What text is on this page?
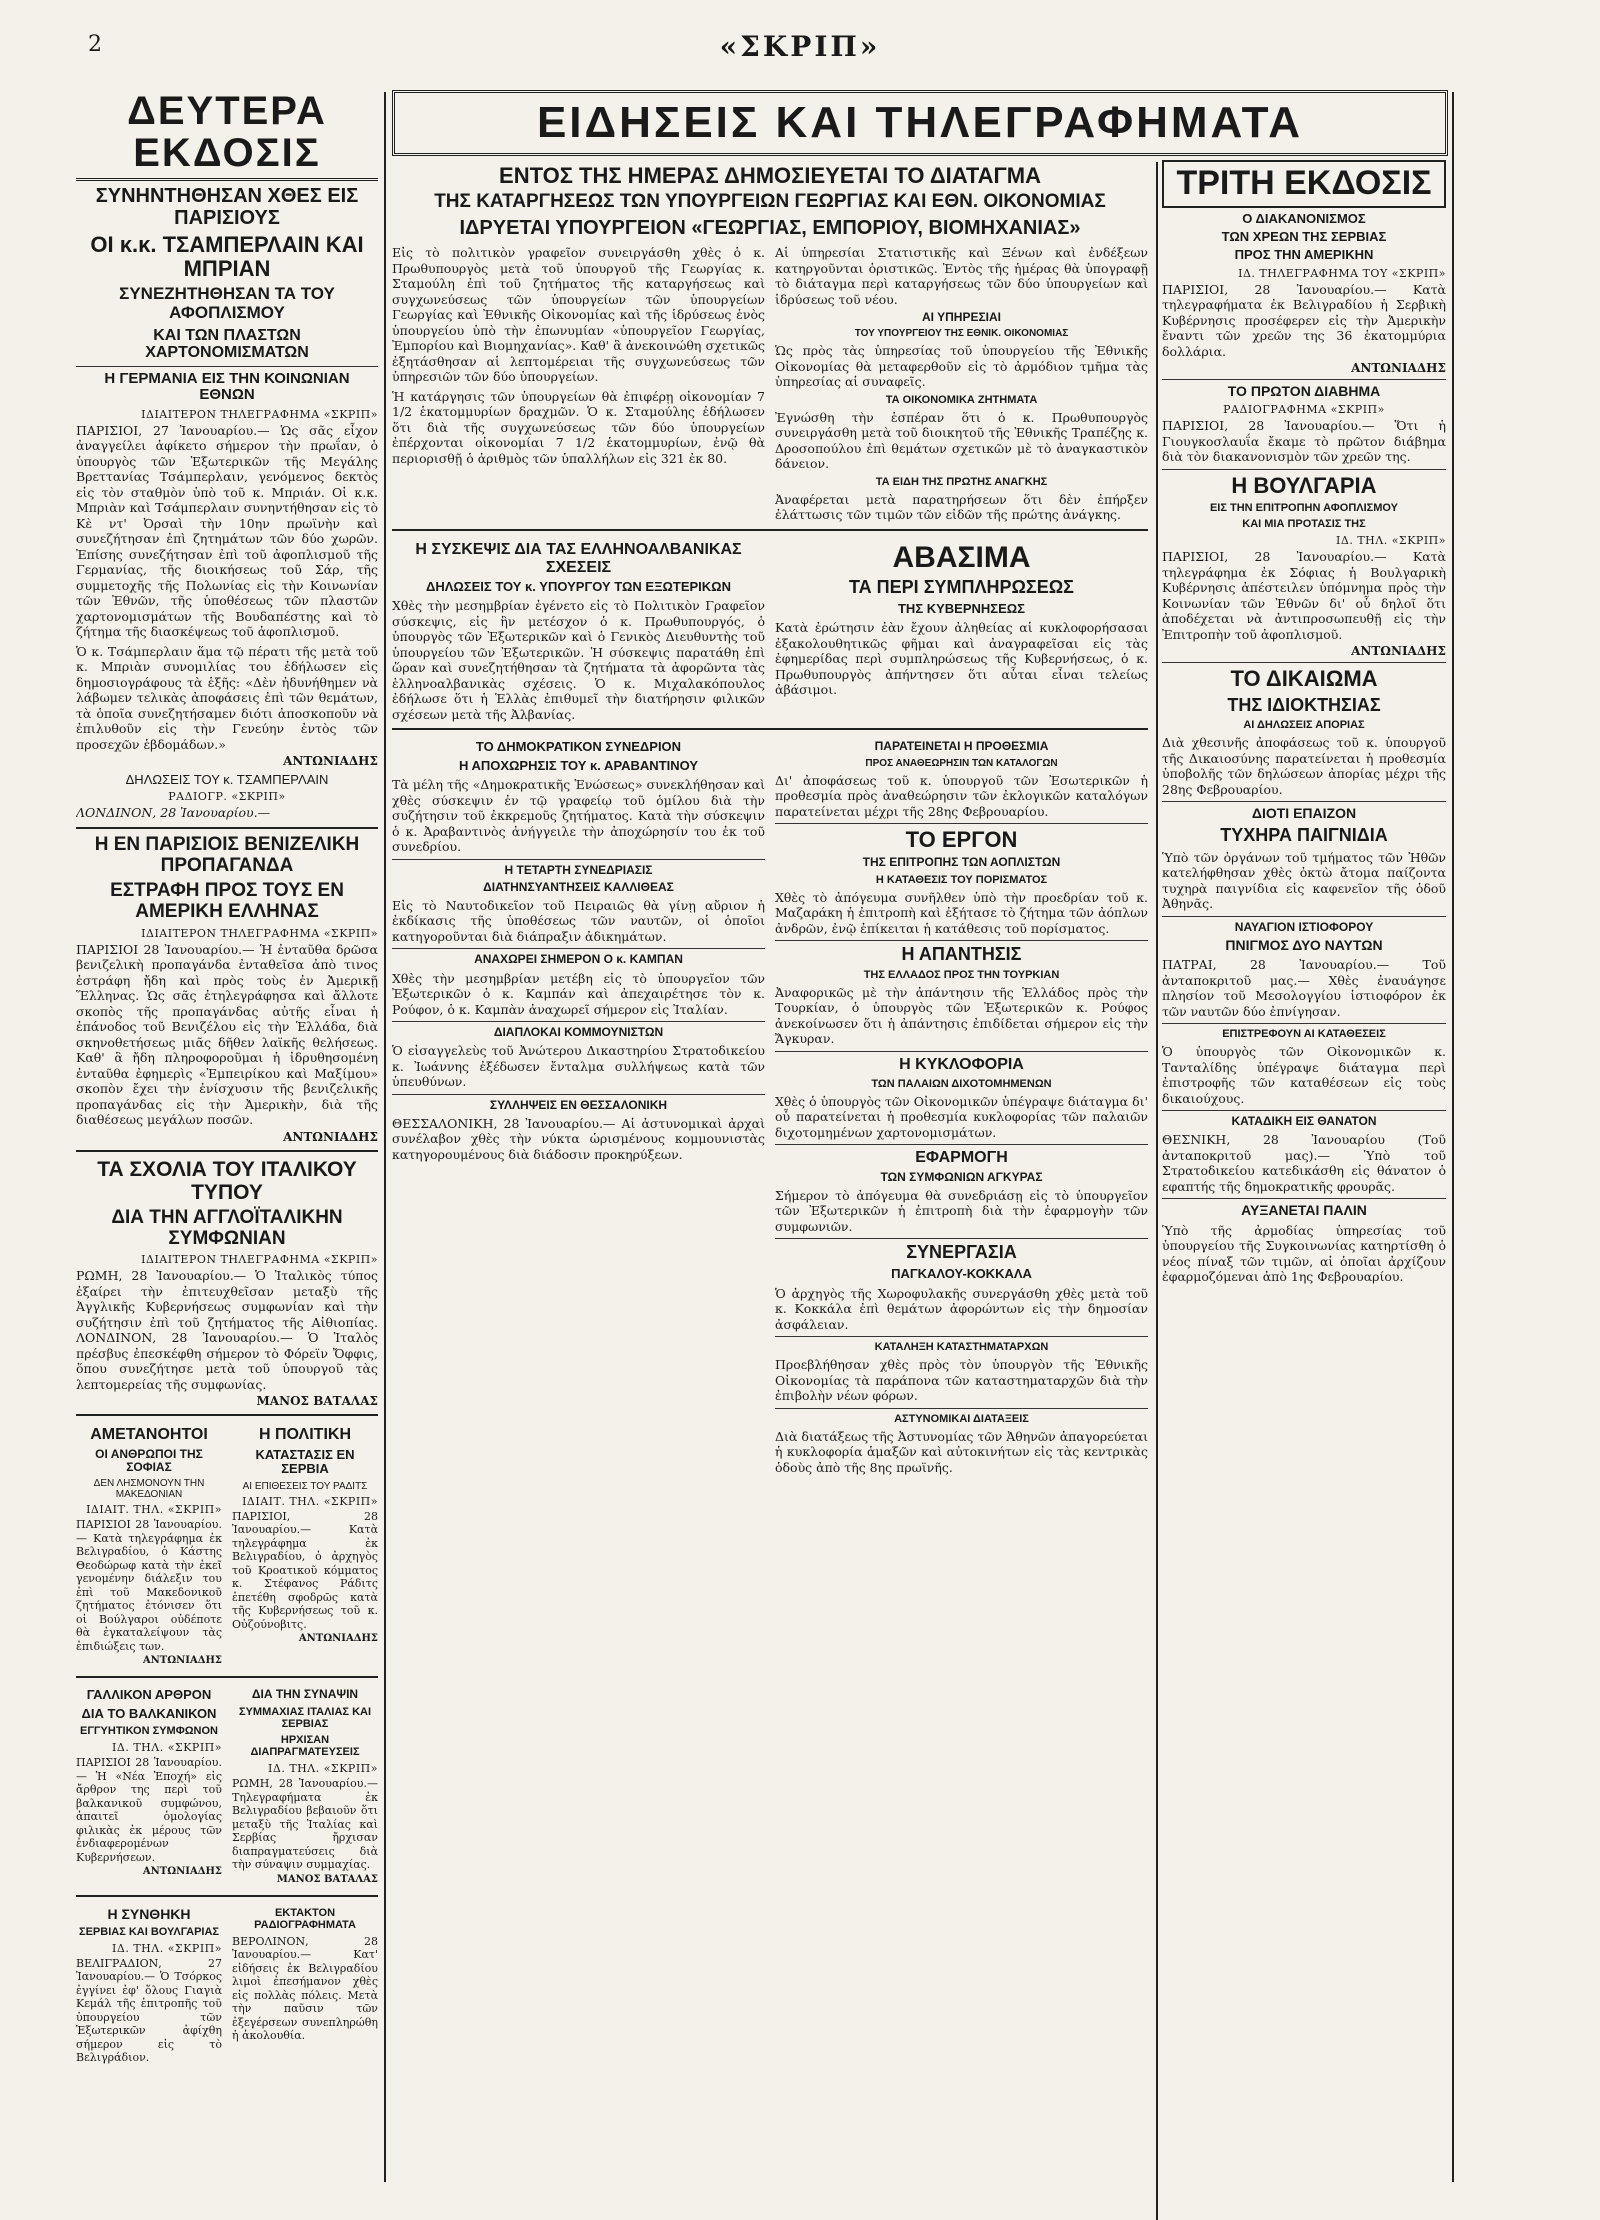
2	«ΣΚΡΙΠ»
ΕΙΔΗΣΕΙΣ ΚΑΙ ΤΗΛΕΓΡΑΦΗΜΑΤΑ
ΔΕΥΤΕΡΑ ΕΚΔΟΣΙΣ
ΣΥΝΗΝΤΗΘΗΣΑΝ ΧΘΕΣ ΕΙΣ ΠΑΡΙΣΙΟΥΣ
ΟΙ κ.κ. ΤΣΑΜΠΕΡΛΑΙΝ ΚΑΙ ΜΠΡΙΑΝ
ΣΥΝΕΖΗΤΗΘΗΣΑΝ ΤΑ ΤΟΥ ΑΦΟΠΛΙΣΜΟΥ
ΚΑΙ ΤΩΝ ΠΛΑΣΤΩΝ ΧΑΡΤΟΝΟΜΙΣΜΑΤΩΝ
Η ΓΕΡΜΑΝΙΑ ΕΙΣ ΤΗΝ ΚΟΙΝΩΝΙΑΝ ΕΘΝΩΝ
ΙΔΙΑΙΤΕΡΟΝ ΤΗΛΕΓΡΑΦΗΜΑ «ΣΚΡΙΠ»

ΠΑΡΙΣΙΟΙ, 27 Ἰανουαρίου.— Ὡς σᾶς εἶχον ἀναγγείλει ἀφίκετο σήμερον τὴν πρωΐαν, ὁ ὑπουργὸς τῶν Ἐξωτερικῶν τῆς Μεγάλης Βρεττανίας Τσάμπερλαιν, γενόμενος δεκτὸς εἰς τὸν σταθμὸν ὑπὸ τοῦ κ. Μπριάν. Οἱ κ.κ. Μπριὰν καὶ Τσάμπερλαιν συνηντήθησαν εἰς τὸ Κὲ ντ' Ὀρσαὶ τὴν 10ην πρωϊνὴν καὶ συνεζήτησαν ἐπὶ ζητημάτων τῶν δύο χωρῶν. Ἐπίσης συνεζήτησαν ἐπὶ τοῦ ἀφοπλισμοῦ τῆς Γερμανίας, τῆς διοικήσεως τοῦ Σάρ, τῆς συμμετοχῆς τῆς Πολωνίας εἰς τὴν Κοινωνίαν τῶν Ἐθνῶν, τῆς ὑποθέσεως τῶν πλαστῶν χαρτονομισμάτων τῆς Βουδαπέστης καὶ τὸ ζήτημα τῆς διασκέψεως τοῦ ἀφοπλισμοῦ.

Ὁ κ. Τσάμπερλαιν ἅμα τῷ πέρατι τῆς μετὰ τοῦ κ. Μπριὰν συνομιλίας του ἐδήλωσεν εἰς δημοσιογράφους τὰ ἑξῆς: «Δὲν ἠδυνήθημεν νὰ λάβωμεν τελικὰς ἀποφάσεις ἐπὶ τῶν θεμάτων, τὰ ὁποῖα συνεζητήσαμεν διότι ἀποσκοποῦν νὰ ἐπιλυθοῦν εἰς τὴν Γενεύην ἐντὸς τῶν προσεχῶν ἑβδομάδων.»

ΑΝΤΩΝΙΑΔΗΣ
ΔΗΛΩΣΕΙΣ ΤΟΥ κ. ΤΣΑΜΠΕΡΛΑΙΝ
ΡΑΔΙΟΓΡ. «ΣΚΡΙΠ»

ΛΟΝΔΙΝΟΝ, 28 Ἰανουαρίου.—

Η ΕΝ ΠΑΡΙΣΙΟΙΣ ΒΕΝΙΖΕΛΙΚΗ ΠΡΟΠΑΓΑΝΔΑ
ΕΣΤΡΑΦΗ ΠΡΟΣ ΤΟΥΣ ΕΝ ΑΜΕΡΙΚΗ ΕΛΛΗΝΑΣ
ΙΔΙΑΙΤΕΡΟΝ ΤΗΛΕΓΡΑΦΗΜΑ «ΣΚΡΙΠ»

ΠΑΡΙΣΙΟΙ 28 Ἰανουαρίου.— Ἡ ἐνταῦθα δρῶσα βενιζελικὴ προπαγάνδα ἐνταθεῖσα ἀπὸ τινος ἐστράφη ἤδη καὶ πρὸς τοὺς ἐν Ἀμερικῇ Ἕλληνας. Ὡς σᾶς ἐτηλεγράφησα καὶ ἄλλοτε σκοπὸς τῆς προπαγάνδας αὐτῆς εἶναι ἡ ἐπάνοδος τοῦ Βενιζέλου εἰς τὴν Ἑλλάδα, διὰ σκηνοθετήσεως μιᾶς δῆθεν λαϊκῆς θελήσεως. Καθ' ἃ ἤδη πληροφοροῦμαι ἡ ἰδρυθησομένη ἐνταῦθα ἐφημερὶς «Ἐμπειρίκου καὶ Μαξίμου» σκοπὸν ἔχει τὴν ἐνίσχυσιν τῆς βενιζελικῆς προπαγάνδας εἰς τὴν Ἀμερικὴν, διὰ τῆς διαθέσεως μεγάλων ποσῶν.

ΑΝΤΩΝΙΑΔΗΣ
ΤΑ ΣΧΟΛΙΑ ΤΟΥ ΙΤΑΛΙΚΟΥ ΤΥΠΟΥ
ΔΙΑ ΤΗΝ ΑΓΓΛΟΪΤΑΛΙΚΗΝ ΣΥΜΦΩΝΙΑΝ
ΙΔΙΑΙΤΕΡΟΝ ΤΗΛΕΓΡΑΦΗΜΑ «ΣΚΡΙΠ»

ΡΩΜΗ, 28 Ἰανουαρίου.— Ὁ Ἰταλικὸς τύπος ἐξαίρει τὴν ἐπιτευχθεῖσαν μεταξὺ τῆς Ἀγγλικῆς Κυβερνήσεως συμφωνίαν καὶ τὴν συζήτησιν ἐπὶ τοῦ ζητήματος τῆς Αἰθιοπίας. ΛΟΝΔΙΝΟΝ, 28 Ἰανουαρίου.— Ὁ Ἰταλὸς πρέσβυς ἐπεσκέφθη σήμερον τὸ Φόρεϊν Ὄφφις, ὅπου συνεζήτησε μετὰ τοῦ ὑπουργοῦ τὰς λεπτομερείας τῆς συμφωνίας.

ΜΑΝΟΣ ΒΑΤΑΛΑΣ
ΑΜΕΤΑΝΟΗΤΟΙ
ΟΙ ΑΝΘΡΩΠΟΙ ΤΗΣ ΣΟΦΙΑΣ
ΔΕΝ ΛΗΣΜΟΝΟΥΝ ΤΗΝ ΜΑΚΕΔΟΝΙΑΝ
ΙΔΙΑΙΤ. ΤΗΛ. «ΣΚΡΙΠ»

ΠΑΡΙΣΙΟΙ 28 Ἰανουαρίου.— Κατὰ τηλεγράφημα ἐκ Βελιγραδίου, ὁ Κάστης Θεοδώρωφ κατὰ τὴν ἐκεῖ γενομένην διάλεξιν του ἐπὶ τοῦ Μακεδονικοῦ ζητήματος ἐτόνισεν ὅτι οἱ Βούλγαροι οὐδέποτε θὰ ἐγκαταλείψουν τὰς ἐπιδιώξεις των.

ΑΝΤΩΝΙΑΔΗΣ
Η ΠΟΛΙΤΙΚΗ
ΚΑΤΑΣΤΑΣΙΣ ΕΝ ΣΕΡΒΙΑ
ΑΙ ΕΠΙΘΕΣΕΙΣ ΤΟΥ ΡΑΔΙΤΣ
ΙΔΙΑΙΤ. ΤΗΛ. «ΣΚΡΙΠ»

ΠΑΡΙΣΙΟΙ, 28 Ἰανουαρίου.— Κατὰ τηλεγράφημα ἐκ Βελιγραδίου, ὁ ἀρχηγὸς τοῦ Κροατικοῦ κόμματος κ. Στέφανος Ράδιτς ἐπετέθη σφοδρῶς κατὰ τῆς Κυβερνήσεως τοῦ κ. Οὐζούνοβιτς.

ΑΝΤΩΝΙΑΔΗΣ
ΓΑΛΛΙΚΟΝ ΑΡΘΡΟΝ
ΔΙΑ ΤΟ ΒΑΛΚΑΝΙΚΟΝ
ΕΓΓΥΗΤΙΚΟΝ ΣΥΜΦΩΝΟΝ
ΙΔ. ΤΗΛ. «ΣΚΡΙΠ»

ΠΑΡΙΣΙΟΙ 28 Ἰανουαρίου.— Ἡ «Νέα Ἐποχή» εἰς ἄρθρον της περὶ τοῦ βαλκανικοῦ συμφώνου, ἀπαιτεῖ ὁμολογίας φιλικὰς ἐκ μέρους τῶν ἐνδιαφερομένων Κυβερνήσεων.

ΑΝΤΩΝΙΑΔΗΣ
ΔΙΑ ΤΗΝ ΣΥΝΑΨΙΝ
ΣΥΜΜΑΧΙΑΣ ΙΤΑΛΙΑΣ ΚΑΙ ΣΕΡΒΙΑΣ
ΗΡΧΙΣΑΝ ΔΙΑΠΡΑΓΜΑΤΕΥΣΕΙΣ
ΙΔ. ΤΗΛ. «ΣΚΡΙΠ»

ΡΩΜΗ, 28 Ἰανουαρίου.— Τηλεγραφήματα ἐκ Βελιγραδίου βεβαιοῦν ὅτι μεταξὺ τῆς Ἰταλίας καὶ Σερβίας ἤρχισαν διαπραγματεύσεις διὰ τὴν σύναψιν συμμαχίας.

ΜΑΝΟΣ ΒΑΤΑΛΑΣ
Η ΣΥΝΘΗΚΗ
ΣΕΡΒΙΑΣ ΚΑΙ ΒΟΥΛΓΑΡΙΑΣ
ΙΔ. ΤΗΛ. «ΣΚΡΙΠ»

ΒΕΛΙΓΡΑΔΙΟΝ, 27 Ἰανουαρίου.— Ὁ Τσόρκος ἐγγίνει ἐφ' ὅλους Γιαγιὰ Κεμάλ τῆς ἐπιτροπῆς τοῦ ὑπουργείου τῶν Ἐξωτερικῶν ἀφίχθη σήμερον εἰς τὸ Βελιγράδιον.

ΕΚΤΑΚΤΟΝ ΡΑΔΙΟΓΡΑΦΗΜΑΤΑ

ΒΕΡΟΛΙΝΟΝ, 28 Ἰανουαρίου.— Κατ' εἰδήσεις ἐκ Βελιγραδίου λιμοὶ ἐπεσήμανον χθὲς εἰς πολλὰς πόλεις. Μετὰ τὴν παῦσιν τῶν ἐξεγέρσεων συνεπληρώθη ἡ ἀκολουθία.

ΕΝΤΟΣ ΤΗΣ ΗΜΕΡΑΣ ΔΗΜΟΣΙΕΥΕΤΑΙ ΤΟ ΔΙΑΤΑΓΜΑ
ΤΗΣ ΚΑΤΑΡΓΗΣΕΩΣ ΤΩΝ ΥΠΟΥΡΓΕΙΩΝ ΓΕΩΡΓΙΑΣ ΚΑΙ ΕΘΝ. ΟΙΚΟΝΟΜΙΑΣ
ΙΔΡΥΕΤΑΙ ΥΠΟΥΡΓΕΙΟΝ «ΓΕΩΡΓΙΑΣ, ΕΜΠΟΡΙΟΥ, ΒΙΟΜΗΧΑΝΙΑΣ»

Εἰς τὸ πολιτικὸν γραφεῖον συνειργάσθη χθὲς ὁ κ. Πρωθυπουργὸς μετὰ τοῦ ὑπουργοῦ τῆς Γεωργίας κ. Σταμούλη ἐπὶ τοῦ ζητήματος τῆς καταργήσεως καὶ συγχωνεύσεως τῶν ὑπουργείων τῶν ὑπουργείων Γεωργίας καὶ Ἐθνικῆς Οἰκονομίας καὶ τῆς ἱδρύσεως ἑνὸς ὑπουργείου ὑπὸ τὴν ἐπωνυμίαν «ὑπουργεῖον Γεωργίας, Ἐμπορίου καὶ Βιομηχανίας». Καθ' ἃ ἀνεκοινώθη σχετικῶς ἐξητάσθησαν αἱ λεπτομέρειαι τῆς συγχωνεύσεως τῶν ὑπηρεσιῶν τῶν δύο ὑπουργείων.

Ἡ κατάργησις τῶν ὑπουργείων θὰ ἐπιφέρῃ οἰκονομίαν 7 1/2 ἑκατομμυρίων δραχμῶν. Ὁ κ. Σταμούλης ἐδήλωσεν ὅτι διὰ τῆς συγχωνεύσεως τῶν δύο ὑπουργείων ἐπέρχονται οἰκονομίαι 7 1/2 ἑκατομμυρίων, ἐνῷ θὰ περιορισθῇ ὁ ἀριθμὸς τῶν ὑπαλλήλων εἰς 321 ἐκ 80.

Αἱ ὑπηρεσίαι Στατιστικῆς καὶ Ξένων καὶ ἐνδέξεων κατηργοῦνται ὁριστικῶς. Ἐντὸς τῆς ἡμέρας θὰ ὑπογραφῇ τὸ διάταγμα περὶ καταργήσεως τῶν δύο ὑπουργείων καὶ ἱδρύσεως τοῦ νέου.

ΑΙ ΥΠΗΡΕΣΙΑΙ
ΤΟΥ ΥΠΟΥΡΓΕΙΟΥ ΤΗΣ ΕΘΝΙΚ. ΟΙΚΟΝΟΜΙΑΣ

Ὡς πρὸς τὰς ὑπηρεσίας τοῦ ὑπουργείου τῆς Ἐθνικῆς Οἰκονομίας θὰ μεταφερθοῦν εἰς τὸ ἀρμόδιον τμῆμα τὰς ὑπηρεσίας αἱ συναφεῖς.

ΤΑ ΟΙΚΟΝΟΜΙΚΑ ΖΗΤΗΜΑΤΑ

Ἐγνώσθη τὴν ἑσπέραν ὅτι ὁ κ. Πρωθυπουργὸς συνειργάσθη μετὰ τοῦ διοικητοῦ τῆς Ἐθνικῆς Τραπέζης κ. Δροσοπούλου ἐπὶ θεμάτων σχετικῶν μὲ τὸ ἀναγκαστικὸν δάνειον.

ΤΑ ΕΙΔΗ ΤΗΣ ΠΡΩΤΗΣ ΑΝΑΓΚΗΣ

Ἀναφέρεται μετὰ παρατηρήσεων ὅτι δὲν ἐπήρξεν ἐλάττωσις τῶν τιμῶν τῶν εἰδῶν τῆς πρώτης ἀνάγκης.

Η ΣΥΣΚΕΨΙΣ ΔΙΑ ΤΑΣ ΕΛΛΗΝΟΑΛΒΑΝΙΚΑΣ ΣΧΕΣΕΙΣ
ΔΗΛΩΣΕΙΣ ΤΟΥ κ. ΥΠΟΥΡΓΟΥ ΤΩΝ ΕΞΩΤΕΡΙΚΩΝ

Χθὲς τὴν μεσημβρίαν ἐγένετο εἰς τὸ Πολιτικὸν Γραφεῖον σύσκεψις, εἰς ἣν μετέσχον ὁ κ. Πρωθυπουργός, ὁ ὑπουργὸς τῶν Ἐξωτερικῶν καὶ ὁ Γενικὸς Διευθυντὴς τοῦ ὑπουργείου τῶν Ἐξωτερικῶν. Ἡ σύσκεψις παρατάθη ἐπὶ ὥραν καὶ συνεζητήθησαν τὰ ζητήματα τὰ ἀφορῶντα τὰς ἑλληνοαλβανικὰς σχέσεις. Ὁ κ. Μιχαλακόπουλος ἐδήλωσε ὅτι ἡ Ἑλλὰς ἐπιθυμεῖ τὴν διατήρησιν φιλικῶν σχέσεων μετὰ τῆς Ἀλβανίας.

ΑΒΑΣΙΜΑ
ΤΑ ΠΕΡΙ ΣΥΜΠΛΗΡΩΣΕΩΣ
ΤΗΣ ΚΥΒΕΡΝΗΣΕΩΣ

Κατὰ ἐρώτησιν ἐὰν ἔχουν ἀληθείας αἱ κυκλοφορήσασαι ἐξακολουθητικῶς φῆμαι καὶ ἀναγραφεῖσαι εἰς τὰς ἐφημερίδας περὶ συμπληρώσεως τῆς Κυβερνήσεως, ὁ κ. Πρωθυπουργὸς ἀπήντησεν ὅτι αὗται εἶναι τελείως ἀβάσιμοι.

ΤΟ ΔΗΜΟΚΡΑΤΙΚΟΝ ΣΥΝΕΔΡΙΟΝ
Η ΑΠΟΧΩΡΗΣΙΣ ΤΟΥ κ. ΑΡΑΒΑΝΤΙΝΟΥ

Τὰ μέλη τῆς «Δημοκρατικῆς Ἑνώσεως» συνεκλήθησαν καὶ χθὲς σύσκεψιν ἐν τῷ γραφείῳ τοῦ ὁμίλου διὰ τὴν συζήτησιν τοῦ ἐκκρεμοῦς ζητήματος. Κατὰ τὴν σύσκεψιν ὁ κ. Ἀραβαντινὸς ἀνήγγειλε τὴν ἀποχώρησίν του ἐκ τοῦ συνεδρίου.

Η ΤΕΤΑΡΤΗ ΣΥΝΕΔΡΙΑΣΙΣ
ΔΙΑΤΗΝΣΥΑΝΤΗΣΕΙΣ ΚΑΛΛΙΘΕΑΣ

Εἰς τὸ Ναυτοδικεῖον τοῦ Πειραιῶς θὰ γίνῃ αὔριον ἡ ἐκδίκασις τῆς ὑποθέσεως τῶν ναυτῶν, οἱ ὁποῖοι κατηγοροῦνται διὰ διάπραξιν ἀδικημάτων.

ΑΝΑΧΩΡΕΙ ΣΗΜΕΡΟΝ Ο κ. ΚΑΜΠΑΝ

Χθὲς τὴν μεσημβρίαν μετέβη εἰς τὸ ὑπουργεῖον τῶν Ἐξωτερικῶν ὁ κ. Καμπάν καὶ ἀπεχαιρέτησε τὸν κ. Ρούφον, ὁ κ. Καμπὰν ἀναχωρεῖ σήμερον εἰς Ἰταλίαν.

ΔΙΑΠΛΟΚΑΙ ΚΟΜΜΟΥΝΙΣΤΩΝ

Ὁ εἰσαγγελεὺς τοῦ Ἀνώτερου Δικαστηρίου Στρατοδικείου κ. Ἰωάννης ἐξέδωσεν ἔνταλμα συλλήψεως κατὰ τῶν ὑπευθύνων.

ΣΥΛΛΗΨΕΙΣ ΕΝ ΘΕΣΣΑΛΟΝΙΚΗ

ΘΕΣΣΑΛΟΝΙΚΗ, 28 Ἰανουαρίου.— Αἱ ἀστυνομικαὶ ἀρχαὶ συνέλαβον χθὲς τὴν νύκτα ὡρισμένους κομμουνιστὰς κατηγορουμένους διὰ διάδοσιν προκηρύξεων.

ΠΑΡΑΤΕΙΝΕΤΑΙ Η ΠΡΟΘΕΣΜΙΑ
ΠΡΟΣ ΑΝΑΘΕΩΡΗΣΙΝ ΤΩΝ ΚΑΤΑΛΟΓΩΝ

Δι' ἀποφάσεως τοῦ κ. ὑπουργοῦ τῶν Ἐσωτερικῶν ἡ προθεσμία πρὸς ἀναθεώρησιν τῶν ἐκλογικῶν καταλόγων παρατείνεται μέχρι τῆς 28ης Φεβρουαρίου.

ΤΟ ΕΡΓΟΝ
ΤΗΣ ΕΠΙΤΡΟΠΗΣ ΤΩΝ ΑΟΠΛΙΣΤΩΝ
Η ΚΑΤΑΘΕΣΙΣ ΤΟΥ ΠΟΡΙΣΜΑΤΟΣ

Χθὲς τὸ ἀπόγευμα συνῆλθεν ὑπὸ τὴν προεδρίαν τοῦ κ. Μαζαράκη ἡ ἐπιτροπὴ καὶ ἐξήτασε τὸ ζήτημα τῶν ἀόπλων ἀνδρῶν, ἐνῷ ἐπίκειται ἡ κατάθεσις τοῦ πορίσματος.

Η ΑΠΑΝΤΗΣΙΣ
ΤΗΣ ΕΛΛΑΔΟΣ ΠΡΟΣ ΤΗΝ ΤΟΥΡΚΙΑΝ

Ἀναφορικῶς μὲ τὴν ἀπάντησιν τῆς Ἑλλάδος πρὸς τὴν Τουρκίαν, ὁ ὑπουργὸς τῶν Ἐξωτερικῶν κ. Ρούφος ἀνεκοίνωσεν ὅτι ἡ ἀπάντησις ἐπιδίδεται σήμερον εἰς τὴν Ἄγκυραν.

Η ΚΥΚΛΟΦΟΡΙΑ
ΤΩΝ ΠΑΛΑΙΩΝ ΔΙΧΟΤΟΜΗΜΕΝΩΝ

Χθὲς ὁ ὑπουργὸς τῶν Οἰκονομικῶν ὑπέγραψε διάταγμα δι' οὗ παρατείνεται ἡ προθεσμία κυκλοφορίας τῶν παλαιῶν διχοτομημένων χαρτονομισμάτων.

ΕΦΑΡΜΟΓΗ
ΤΩΝ ΣΥΜΦΩΝΙΩΝ ΑΓΚΥΡΑΣ

Σήμερον τὸ ἀπόγευμα θὰ συνεδριάσῃ εἰς τὸ ὑπουργεῖον τῶν Ἐξωτερικῶν ἡ ἐπιτροπὴ διὰ τὴν ἐφαρμογὴν τῶν συμφωνιῶν.

ΣΥΝΕΡΓΑΣΙΑ
ΠΑΓΚΑΛΟΥ-ΚΟΚΚΑΛΑ

Ὁ ἀρχηγὸς τῆς Χωροφυλακῆς συνεργάσθη χθὲς μετὰ τοῦ κ. Κοκκάλα ἐπὶ θεμάτων ἀφορώντων εἰς τὴν δημοσίαν ἀσφάλειαν.

ΚΑΤΑΛΗΞΗ ΚΑΤΑΣΤΗΜΑΤΑΡΧΩΝ

Προεβλήθησαν χθὲς πρὸς τὸν ὑπουργὸν τῆς Ἐθνικῆς Οἰκονομίας τὰ παράπονα τῶν καταστηματαρχῶν διὰ τὴν ἐπιβολὴν νέων φόρων.

ΑΣΤΥΝΟΜΙΚΑΙ ΔΙΑΤΑΞΕΙΣ

Διὰ διατάξεως τῆς Ἀστυνομίας τῶν Ἀθηνῶν ἀπαγορεύεται ἡ κυκλοφορία ἁμαξῶν καὶ αὐτοκινήτων εἰς τὰς κεντρικὰς ὁδοὺς ἀπὸ τῆς 8ης πρωϊνῆς.

ΤΡΙΤΗ ΕΚΔΟΣΙΣ
Ο ΔΙΑΚΑΝΟΝΙΣΜΟΣ
ΤΩΝ ΧΡΕΩΝ ΤΗΣ ΣΕΡΒΙΑΣ
ΠΡΟΣ ΤΗΝ ΑΜΕΡΙΚΗΝ
ΙΔ. ΤΗΛΕΓΡΑΦΗΜΑ ΤΟΥ «ΣΚΡΙΠ»

ΠΑΡΙΣΙΟΙ, 28 Ἰανουαρίου.— Κατὰ τηλεγραφήματα ἐκ Βελιγραδίου ἡ Σερβικὴ Κυβέρνησις προσέφερεν εἰς τὴν Ἀμερικὴν ἔναντι τῶν χρεῶν της 36 ἑκατομμύρια δολλάρια.

ΑΝΤΩΝΙΑΔΗΣ
ΤΟ ΠΡΩΤΟΝ ΔΙΑΒΗΜΑ
ΡΑΔΙΟΓΡΑΦΗΜΑ «ΣΚΡΙΠ»

ΠΑΡΙΣΙΟΙ, 28 Ἰανουαρίου.— Ὅτι ἡ Γιουγκοσλαυΐα ἔκαμε τὸ πρῶτον διάβημα διὰ τὸν διακανονισμὸν τῶν χρεῶν της.

Η ΒΟΥΛΓΑΡΙΑ
ΕΙΣ ΤΗΝ ΕΠΙΤΡΟΠΗΝ ΑΦΟΠΛΙΣΜΟΥ
ΚΑΙ ΜΙΑ ΠΡΟΤΑΣΙΣ ΤΗΣ
ΙΔ. ΤΗΛ. «ΣΚΡΙΠ»

ΠΑΡΙΣΙΟΙ, 28 Ἰανουαρίου.— Κατὰ τηλεγράφημα ἐκ Σόφιας ἡ Βουλγαρικὴ Κυβέρνησις ἀπέστειλεν ὑπόμνημα πρὸς τὴν Κοινωνίαν τῶν Ἐθνῶν δι' οὗ δηλοῖ ὅτι ἀποδέχεται νὰ ἀντιπροσωπευθῇ εἰς τὴν Ἐπιτροπὴν τοῦ ἀφοπλισμοῦ.

ΑΝΤΩΝΙΑΔΗΣ
ΤΟ ΔΙΚΑΙΩΜΑ
ΤΗΣ ΙΔΙΟΚΤΗΣΙΑΣ
ΑΙ ΔΗΛΩΣΕΙΣ ΑΠΟΡΙΑΣ

Διὰ χθεσινῆς ἀποφάσεως τοῦ κ. ὑπουργοῦ τῆς Δικαιοσύνης παρατείνεται ἡ προθεσμία ὑποβολῆς τῶν δηλώσεων ἀπορίας μέχρι τῆς 28ης Φεβρουαρίου.

ΔΙΟΤΙ ΕΠΑΙΖΟΝ
ΤΥΧΗΡΑ ΠΑΙΓΝΙΔΙΑ

Ὑπὸ τῶν ὀργάνων τοῦ τμήματος τῶν Ἠθῶν κατελήφθησαν χθὲς ὀκτὼ ἄτομα παίζοντα τυχηρὰ παιγνίδια εἰς καφενεῖον τῆς ὁδοῦ Ἀθηνᾶς.

ΝΑΥΑΓΙΟΝ ΙΣΤΙΟΦΟΡΟΥ
ΠΝΙΓΜΟΣ ΔΥΟ ΝΑΥΤΩΝ

ΠΑΤΡΑΙ, 28 Ἰανουαρίου.— Τοῦ ἀνταποκριτοῦ μας.— Χθὲς ἐναυάγησε πλησίον τοῦ Μεσολογγίου ἱστιοφόρον ἐκ τῶν ναυτῶν δύο ἐπνίγησαν.

ΕΠΙΣΤΡΕΦΟΥΝ ΑΙ ΚΑΤΑΘΕΣΕΙΣ

Ὁ ὑπουργὸς τῶν Οἰκονομικῶν κ. Τανταλίδης ὑπέγραψε διάταγμα περὶ ἐπιστροφῆς τῶν καταθέσεων εἰς τοὺς δικαιούχους.

ΚΑΤΑΔΙΚΗ ΕΙΣ ΘΑΝΑΤΟΝ

ΘΕΣΝΙΚΗ, 28 Ἰανουαρίου (Τοῦ ἀνταποκριτοῦ μας).— Ὑπὸ τοῦ Στρατοδικείου κατεδικάσθη εἰς θάνατον ὁ εφαπτής τῆς δημοκρατικῆς φρουρᾶς.

ΑΥΞΑΝΕΤΑΙ ΠΑΛΙΝ

Ὑπὸ τῆς ἀρμοδίας ὑπηρεσίας τοῦ ὑπουργείου τῆς Συγκοινωνίας κατηρτίσθη ὁ νέος πίναξ τῶν τιμῶν, αἱ ὁποῖαι ἀρχίζουν ἐφαρμοζόμεναι ἀπὸ 1ης Φεβρουαρίου.
